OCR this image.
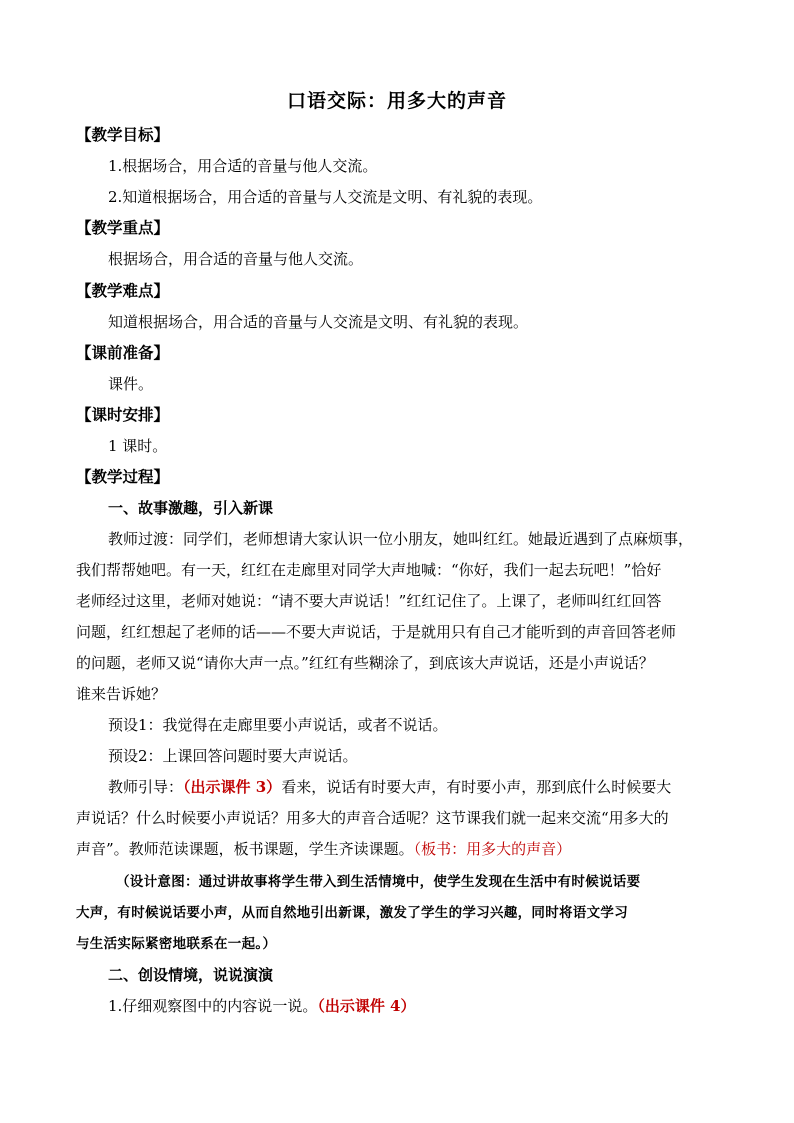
口语交际：用多大的声音
【教学目标】
1.根据场合，用合适的音量与他人交流。
2.知道根据场合，用合适的音量与人交流是文明、有礼貌的表现。
【教学重点】
根据场合，用合适的音量与他人交流。
【教学难点】
知道根据场合，用合适的音量与人交流是文明、有礼貌的表现。
【课前准备】
课件。
【课时安排】
1 课时。
【教学过程】
一、故事激趣，引入新课
教师过渡：同学们，老师想请大家认识一位小朋友，她叫红红。她最近遇到了点麻烦事，
我们帮帮她吧。有一天，红红在走廊里对同学大声地喊：“你好，我们一起去玩吧！”恰好
老师经过这里，老师对她说：“请不要大声说话！”红红记住了。上课了，老师叫红红回答
问题，红红想起了老师的话——不要大声说话，于是就用只有自己才能听到的声音回答老师
的问题，老师又说“请你大声一点。”红红有些糊涂了，到底该大声说话，还是小声说话？
谁来告诉她？
预设1：我觉得在走廊里要小声说话，或者不说话。
预设2：上课回答问题时要大声说话。
教师引导：（出示课件 3）看来，说话有时要大声，有时要小声，那到底什么时候要大
声说话？什么时候要小声说话？用多大的声音合适呢？这节课我们就一起来交流“用多大的
声音”。教师范读课题，板书课题，学生齐读课题。（板书：用多大的声音）
（设计意图：通过讲故事将学生带入到生活情境中，使学生发现在生活中有时候说话要
大声，有时候说话要小声，从而自然地引出新课，激发了学生的学习兴趣，同时将语文学习
与生活实际紧密地联系在一起。）
二、创设情境，说说演演
1.仔细观察图中的内容说一说。（出示课件 4）
